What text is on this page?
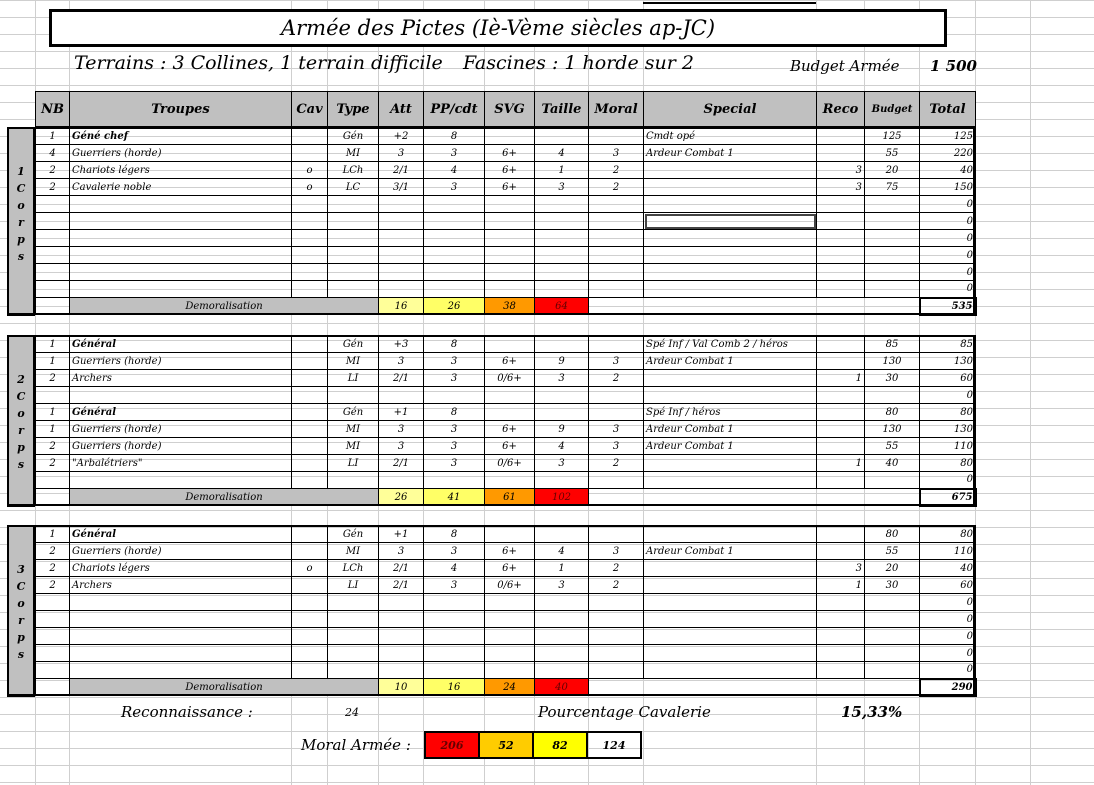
Armée des Pictes (Iè-Vème siècles ap-JC)
Terrains : 3 Collines, 1 terrain difficile Fascines : 1 horde sur 2	Budget Armée 1 500
NB	Troupes	Cav	Type	Att	PP/cdt	SVG	Taille	Moral	Special	Reco	Budget	Total
1
C
o
r
p
s
1	Géné chef		Gén	+2	8				Cmdt opé		125	125
4	Guerriers (horde)		MI	3	3	6+	4	3	Ardeur Combat 1		55	220
2	Chariots légers	o	LCh	2/1	4	6+	1	2		3	20	40
2	Cavalerie noble	o	LC	3/1	3	6+	3	2		3	75	150
												0
												0
												0
												0
												0
												0
	Demoralisation			16	26	38	64					535
2
C
o
r
p
s
1	Général		Gén	+3	8				Spé Inf / Val Comb 2 / héros		85	85
1	Guerriers (horde)		MI	3	3	6+	9	3	Ardeur Combat 1		130	130
2	Archers		LI	2/1	3	0/6+	3	2		1	30	60
												0
1	Général		Gén	+1	8				Spé Inf / héros		80	80
1	Guerriers (horde)		MI	3	3	6+	9	3	Ardeur Combat 1		130	130
2	Guerriers (horde)		MI	3	3	6+	4	3	Ardeur Combat 1		55	110
2	"Arbalétriers"		LI	2/1	3	0/6+	3	2		1	40	80
												0
	Demoralisation			26	41	61	102					675
3
C
o
r
p
s
1	Général		Gén	+1	8						80	80
2	Guerriers (horde)		MI	3	3	6+	4	3	Ardeur Combat 1		55	110
2	Chariots légers	o	LCh	2/1	4	6+	1	2		3	20	40
2	Archers		LI	2/1	3	0/6+	3	2		1	30	60
												0
												0
												0
												0
												0
	Demoralisation			10	16	24	40					290
Reconnaissance :	24	Pourcentage Cavalerie	15,33%
Moral Armée :	206	52	82	124
